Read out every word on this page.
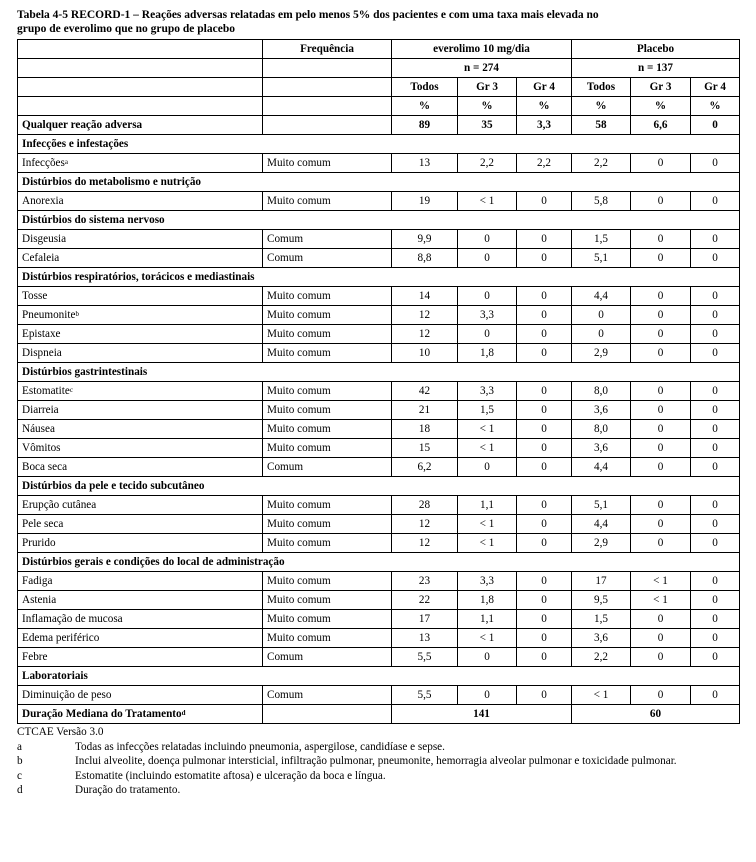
Tabela 4-5 RECORD-1 – Reações adversas relatadas em pelo menos 5% dos pacientes e com uma taxa mais elevada no
grupo de everolimo que no grupo de placebo
	Frequência	everolimo 10 mg/dia			Placebo		
		n = 274			n = 137		
		Todos	Gr 3	Gr 4	Todos	Gr 3	Gr 4
		%	%	%	%	%	%
Qualquer reação adversa		89	35	3,3	58	6,6	0
Infecções e infestações							
Infecções$^a$	Muito comum	13	2,2	2,2	2,2	0	0
Distúrbios do metabolismo e nutrição							
Anorexia	Muito comum	19	< 1	0	5,8	0	0
Distúrbios do sistema nervoso							
Disgeusia	Comum	9,9	0	0	1,5	0	0
Cefaleia	Comum	8,8	0	0	5,1	0	0
Distúrbios respiratórios, torácicos e mediastinais							
Tosse	Muito comum	14	0	0	4,4	0	0
Pneumonite$^b$	Muito comum	12	3,3	0	0	0	0
Epistaxe	Muito comum	12	0	0	0	0	0
Dispneia	Muito comum	10	1,8	0	2,9	0	0
Distúrbios gastrintestinais							
Estomatite$^c$	Muito comum	42	3,3	0	8,0	0	0
Diarreia	Muito comum	21	1,5	0	3,6	0	0
Náusea	Muito comum	18	< 1	0	8,0	0	0
Vômitos	Muito comum	15	< 1	0	3,6	0	0
Boca seca	Comum	6,2	0	0	4,4	0	0
Distúrbios da pele e tecido subcutâneo							
Erupção cutânea	Muito comum	28	1,1	0	5,1	0	0
Pele seca	Muito comum	12	< 1	0	4,4	0	0
Prurido	Muito comum	12	< 1	0	2,9	0	0
Distúrbios gerais e condições do local de administração							
Fadiga	Muito comum	23	3,3	0	17	< 1	0
Astenia	Muito comum	22	1,8	0	9,5	< 1	0
Inflamação de mucosa	Muito comum	17	1,1	0	1,5	0	0
Edema periférico	Muito comum	13	< 1	0	3,6	0	0
Febre	Comum	5,5	0	0	2,2	0	0
Laboratoriais							
Diminuição de peso	Comum	5,5	0	0	< 1	0	0
Duração Mediana do Tratamento$^d$		141			60		
CTCAE Versão 3.0
a	Todas as infecções relatadas incluindo pneumonia, aspergilose, candidíase e sepse.
b	Inclui alveolite, doença pulmonar intersticial, infiltração pulmonar, pneumonite, hemorragia alveolar pulmonar e toxicidade pulmonar.
c	Estomatite (incluindo estomatite aftosa) e ulceração da boca e língua.
d	Duração do tratamento.
